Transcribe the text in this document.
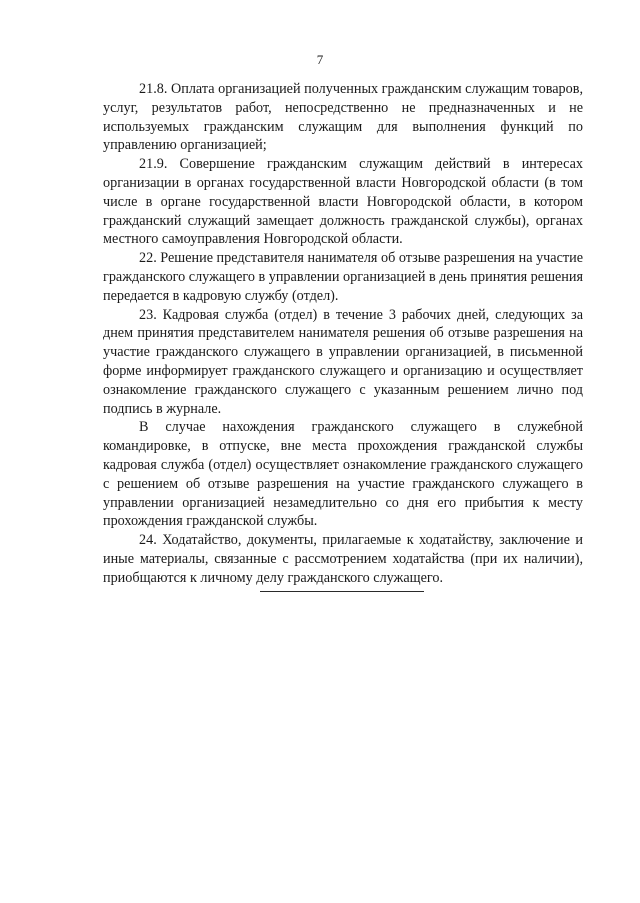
7

21.8. Оплата организацией полученных гражданским служащим товаров, услуг, результатов работ, непосредственно не предназначенных и не используемых гражданским служащим для выполнения функций по управлению организацией;

21.9. Совершение гражданским служащим действий в интересах организации в органах государственной власти Новгородской области (в том числе в органе государственной власти Новгородской области, в котором гражданский служащий замещает должность гражданской службы), органах местного самоуправления Новгородской области.

22. Решение представителя нанимателя об отзыве разрешения на участие гражданского служащего в управлении организацией в день принятия решения передается в кадровую службу (отдел).

23. Кадровая служба (отдел) в течение 3 рабочих дней, следующих за днем принятия представителем нанимателя решения об отзыве разрешения на участие гражданского служащего в управлении организацией, в письменной форме информирует гражданского служащего и организацию и осуществляет ознакомление гражданского служащего с указанным решением лично под подпись в журнале.

В случае нахождения гражданского служащего в служебной командировке, в отпуске, вне места прохождения гражданской службы кадровая служба (отдел) осуществляет ознакомление гражданского служащего с решением об отзыве разрешения на участие гражданского служащего в управлении организацией незамедлительно со дня его прибытия к месту прохождения гражданской службы.

24. Ходатайство, документы, прилагаемые к ходатайству, заключение и иные материалы, связанные с рассмотрением ходатайства (при их наличии), приобщаются к личному делу гражданского служащего.
